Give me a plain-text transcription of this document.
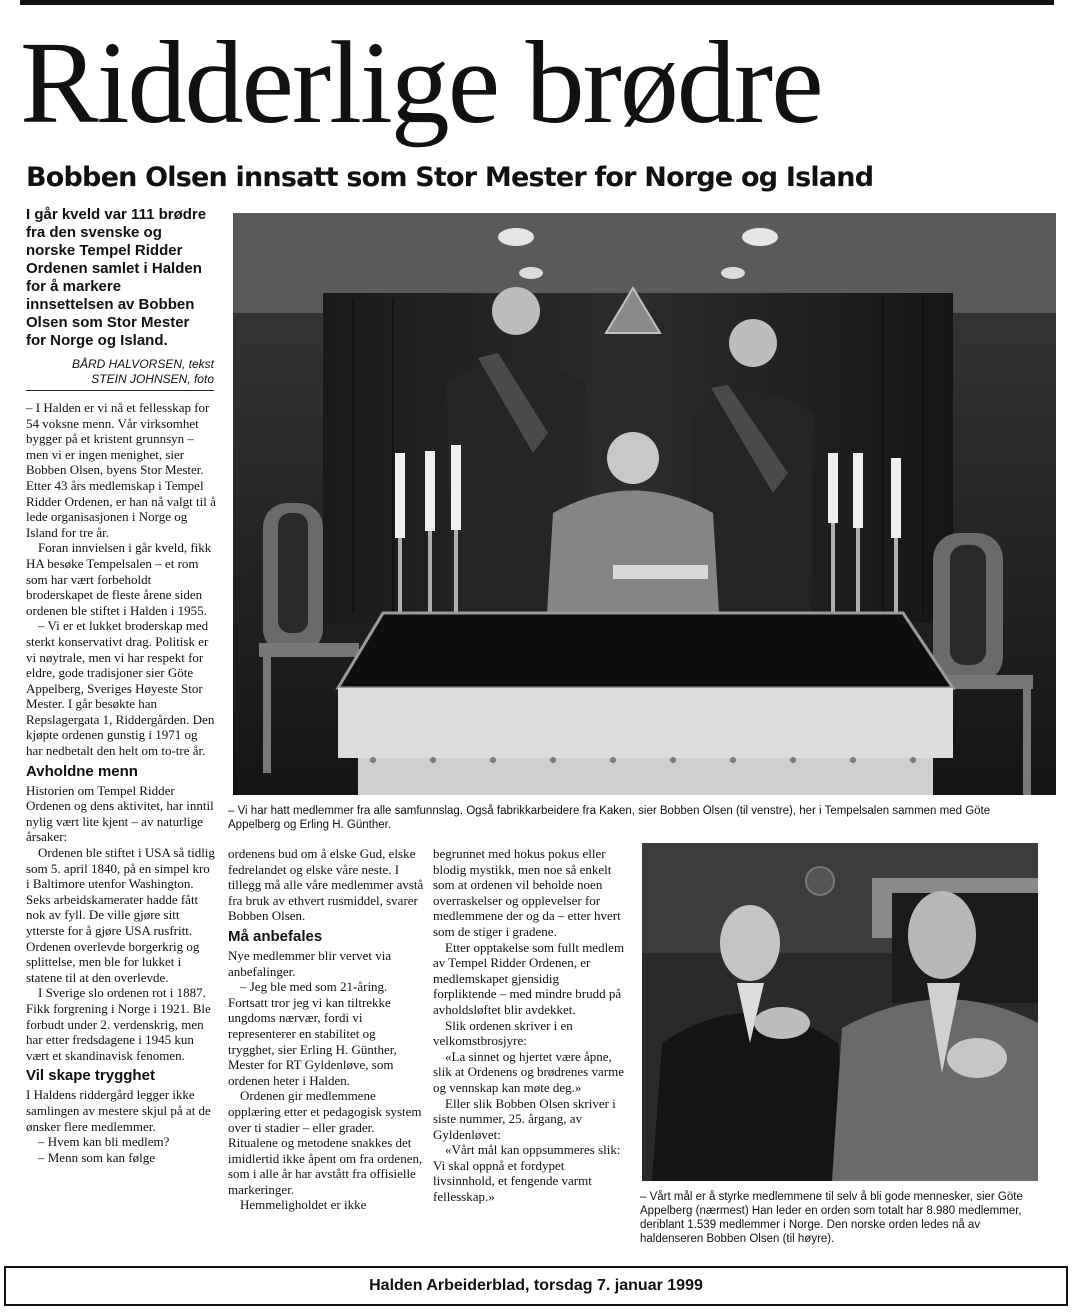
Ridderlige brødre
Bobben Olsen innsatt som Stor Mester for Norge og Island

I går kveld var 111 brødre fra den svenske og norske Tempel Ridder Ordenen samlet i Halden for å markere innsettelsen av Bobben Olsen som Stor Mester for Norge og Island.

BÅRD HALVORSEN, tekst
STEIN JOHNSEN, foto

– I Halden er vi nå et fellesskap for 54 voksne menn. Vår virksomhet bygger på et kristent grunnsyn – men vi er ingen menighet, sier Bobben Olsen, byens Stor Mester. Etter 43 års medlemskap i Tempel Ridder Ordenen, er han nå valgt til å lede organisasjonen i Norge og Island for tre år.

Foran innvielsen i går kveld, fikk HA besøke Tempelsalen – et rom som har vært forbeholdt broderskapet de fleste årene siden ordenen ble stiftet i Halden i 1955.

– Vi er et lukket broderskap med sterkt konservativt drag. Politisk er vi nøytrale, men vi har respekt for eldre, gode tradisjoner sier Göte Appelberg, Sveriges Høyeste Stor Mester. I går besøkte han Repslagergata 1, Riddergården. Den kjøpte ordenen gunstig i 1971 og har nedbetalt den helt om to-tre år.

Avholdne menn

Historien om Tempel Ridder Ordenen og dens aktivitet, har inntil nylig vært lite kjent – av naturlige årsaker:

Ordenen ble stiftet i USA så tidlig som 5. april 1840, på en simpel kro i Baltimore utenfor Washington. Seks arbeidskamerater hadde fått nok av fyll. De ville gjøre sitt ytterste for å gjøre USA rusfritt. Ordenen overlevde borgerkrig og splittelse, men ble for lukket i statene til at den overlevde.

I Sverige slo ordenen rot i 1887. Fikk forgrening i Norge i 1921. Ble forbudt under 2. verdenskrig, men har etter fredsdagene i 1945 kun vært et skandinavisk fenomen.

Vil skape trygghet

I Haldens riddergård legger ikke samlingen av mestere skjul på at de ønsker flere medlemmer.

– Hvem kan bli medlem?

– Menn som kan følge

– Vi har hatt medlemmer fra alle samfunnslag. Også fabrikkarbeidere fra Kaken, sier Bobben Olsen (til venstre), her i Tempelsalen sammen med Göte Appelberg og Erling H. Günther.

ordenens bud om å elske Gud, elske fedrelandet og elske våre neste. I tillegg må alle våre medlemmer avstå fra bruk av ethvert rusmiddel, svarer Bobben Olsen.

Må anbefales

Nye medlemmer blir vervet via anbefalinger.

– Jeg ble med som 21-åring. Fortsatt tror jeg vi kan tiltrekke ungdoms nærvær, fordi vi representerer en stabilitet og trygghet, sier Erling H. Günther, Mester for RT Gyldenløve, som ordenen heter i Halden.

Ordenen gir medlemmene opplæring etter et pedagogisk system over ti stadier – eller grader. Ritualene og metodene snakkes det imidlertid ikke åpent om fra ordenen, som i alle år har avstått fra offisielle markeringer.

Hemmeligholdet er ikke

begrunnet med hokus pokus eller blodig mystikk, men noe så enkelt som at ordenen vil beholde noen overraskelser og opplevelser for medlemmene der og da – etter hvert som de stiger i gradene.

Etter opptakelse som fullt medlem av Tempel Ridder Ordenen, er medlemskapet gjensidig forpliktende – med mindre brudd på avholdsløftet blir avdekket.

Slik ordenen skriver i en velkomstbrosjyre:

«La sinnet og hjertet være åpne, slik at Ordenens og brødrenes varme og vennskap kan møte deg.»

Eller slik Bobben Olsen skriver i siste nummer, 25. årgang, av Gyldenløvet:

«Vårt mål kan oppsummeres slik: Vi skal oppnå et fordypet livsinnhold, et fengende varmt fellesskap.»	– Vårt mål er å styrke medlemmene til selv å bli gode mennesker, sier Göte Appelberg (nærmest) Han leder en orden som totalt har 8.980 medlemmer, deriblant 1.539 medlemmer i Norge. Den norske orden ledes nå av haldenseren Bobben Olsen (til høyre).

Halden Arbeiderblad, torsdag 7. januar 1999
